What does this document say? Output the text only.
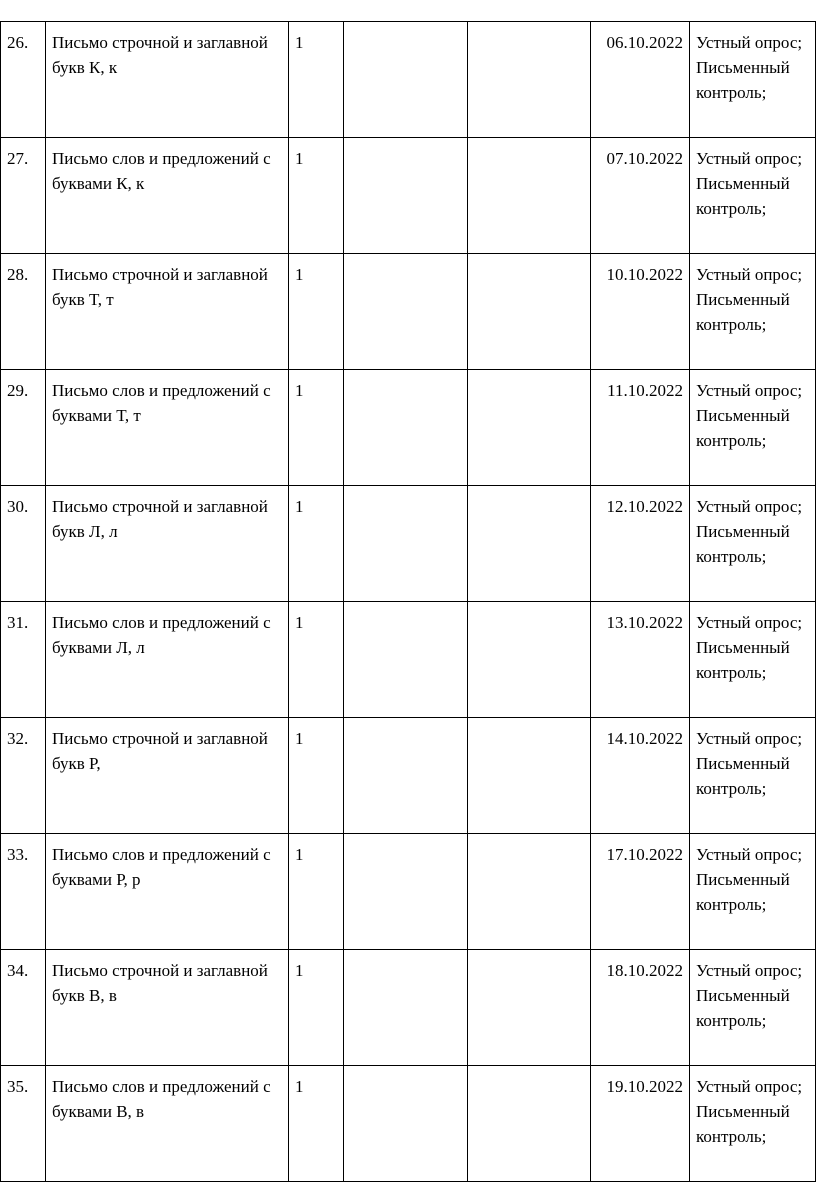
26.	Письмо строчной и заглавной букв К, к	1			06.10.2022	Устный опрос; Письменный контроль;
27.	Письмо слов и предложений с буквами К, к	1			07.10.2022	Устный опрос; Письменный контроль;
28.	Письмо строчной и заглавной букв Т, т	1			10.10.2022	Устный опрос; Письменный контроль;
29.	Письмо слов и предложений с буквами Т, т	1			11.10.2022	Устный опрос; Письменный контроль;
30.	Письмо строчной и заглавной букв Л, л	1			12.10.2022	Устный опрос; Письменный контроль;
31.	Письмо слов и предложений с буквами Л, л	1			13.10.2022	Устный опрос; Письменный контроль;
32.	Письмо строчной и заглавной букв Р,	1			14.10.2022	Устный опрос; Письменный контроль;
33.	Письмо слов и предложений с буквами Р, р	1			17.10.2022	Устный опрос; Письменный контроль;
34.	Письмо строчной и заглавной букв В, в	1			18.10.2022	Устный опрос; Письменный контроль;
35.	Письмо слов и предложений с буквами В, в	1			19.10.2022	Устный опрос; Письменный контроль;
